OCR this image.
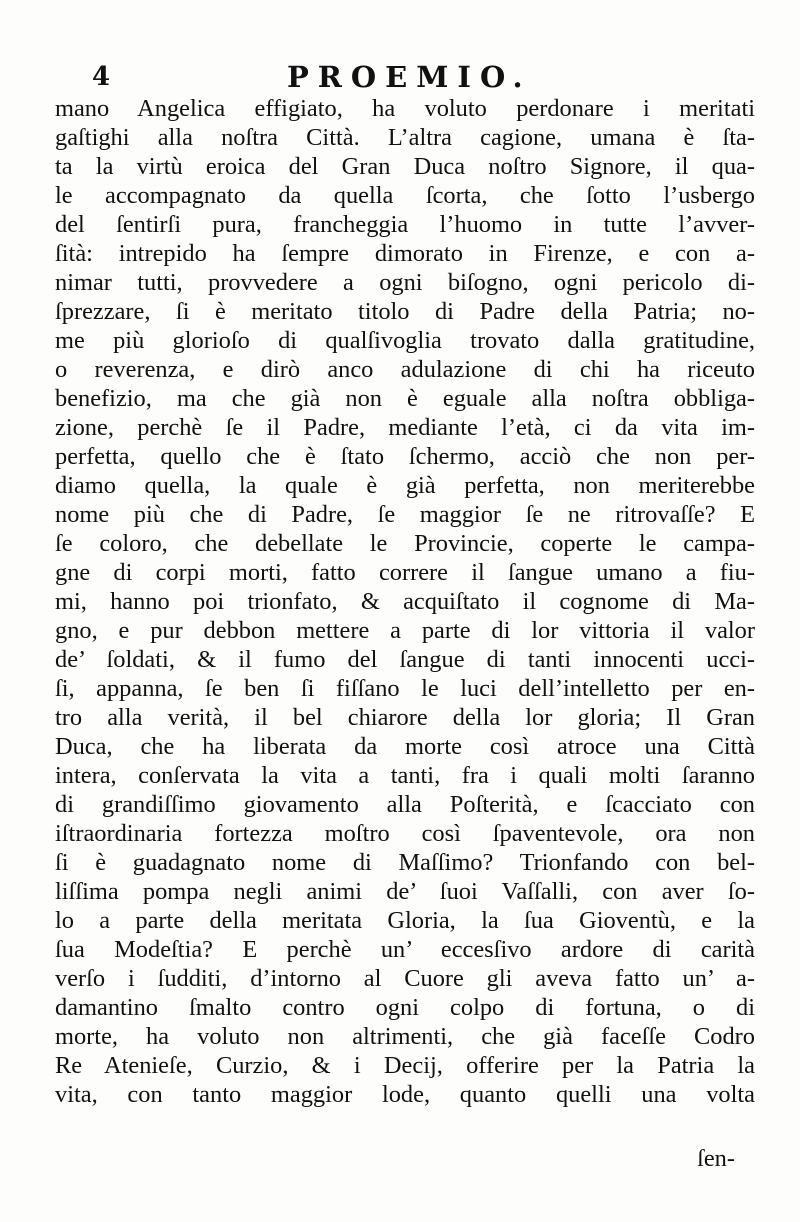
4	PROEMIO.
mano Angelica effigiato, ha voluto perdonare i meritati
gaſtighi alla noſtra Città. L’altra cagione, umana è ſta-
ta la virtù eroica del Gran Duca noſtro Signore, il qua-
le accompagnato da quella ſcorta, che ſotto l’usbergo
del ſentirſi pura, francheggia l’huomo in tutte l’avver-
ſità: intrepido ha ſempre dimorato in Firenze, e con a-
nimar tutti, provvedere a ogni biſogno, ogni pericolo di-
ſprezzare, ſi è meritato titolo di Padre della Patria; no-
me più glorioſo di qualſivoglia trovato dalla gratitudine,
o reverenza, e dirò anco adulazione di chi ha riceuto
benefizio, ma che già non è eguale alla noſtra obbliga-
zione, perchè ſe il Padre, mediante l’età, ci da vita im-
perfetta, quello che è ſtato ſchermo, acciò che non per-
diamo quella, la quale è già perfetta, non meriterebbe
nome più che di Padre, ſe maggior ſe ne ritrovaſſe? E
ſe coloro, che debellate le Provincie, coperte le campa-
gne di corpi morti, fatto correre il ſangue umano a fiu-
mi, hanno poi trionfato, & acquiſtato il cognome di Ma-
gno, e pur debbon mettere a parte di lor vittoria il valor
de’ ſoldati, & il fumo del ſangue di tanti innocenti ucci-
ſi, appanna, ſe ben ſi fiſſano le luci dell’intelletto per en-
tro alla verità, il bel chiarore della lor gloria; Il Gran
Duca, che ha liberata da morte così atroce una Città
intera, conſervata la vita a tanti, fra i quali molti ſaranno
di grandiſſimo giovamento alla Poſterità, e ſcacciato con
iſtraordinaria fortezza moſtro così ſpaventevole, ora non
ſi è guadagnato nome di Maſſimo? Trionfando con bel-
liſſima pompa negli animi de’ ſuoi Vaſſalli, con aver ſo-
lo a parte della meritata Gloria, la ſua Gioventù, e la
ſua Modeſtia? E perchè un’ eccesſivo ardore di carità
verſo i ſudditi, d’intorno al Cuore gli aveva fatto un’ a-
damantino ſmalto contro ogni colpo di fortuna, o di
morte, ha voluto non altrimenti, che già faceſſe Codro
Re Atenieſe, Curzio, & i Decij, offerire per la Patria la
vita, con tanto maggior lode, quanto quelli una volta
ſen-
